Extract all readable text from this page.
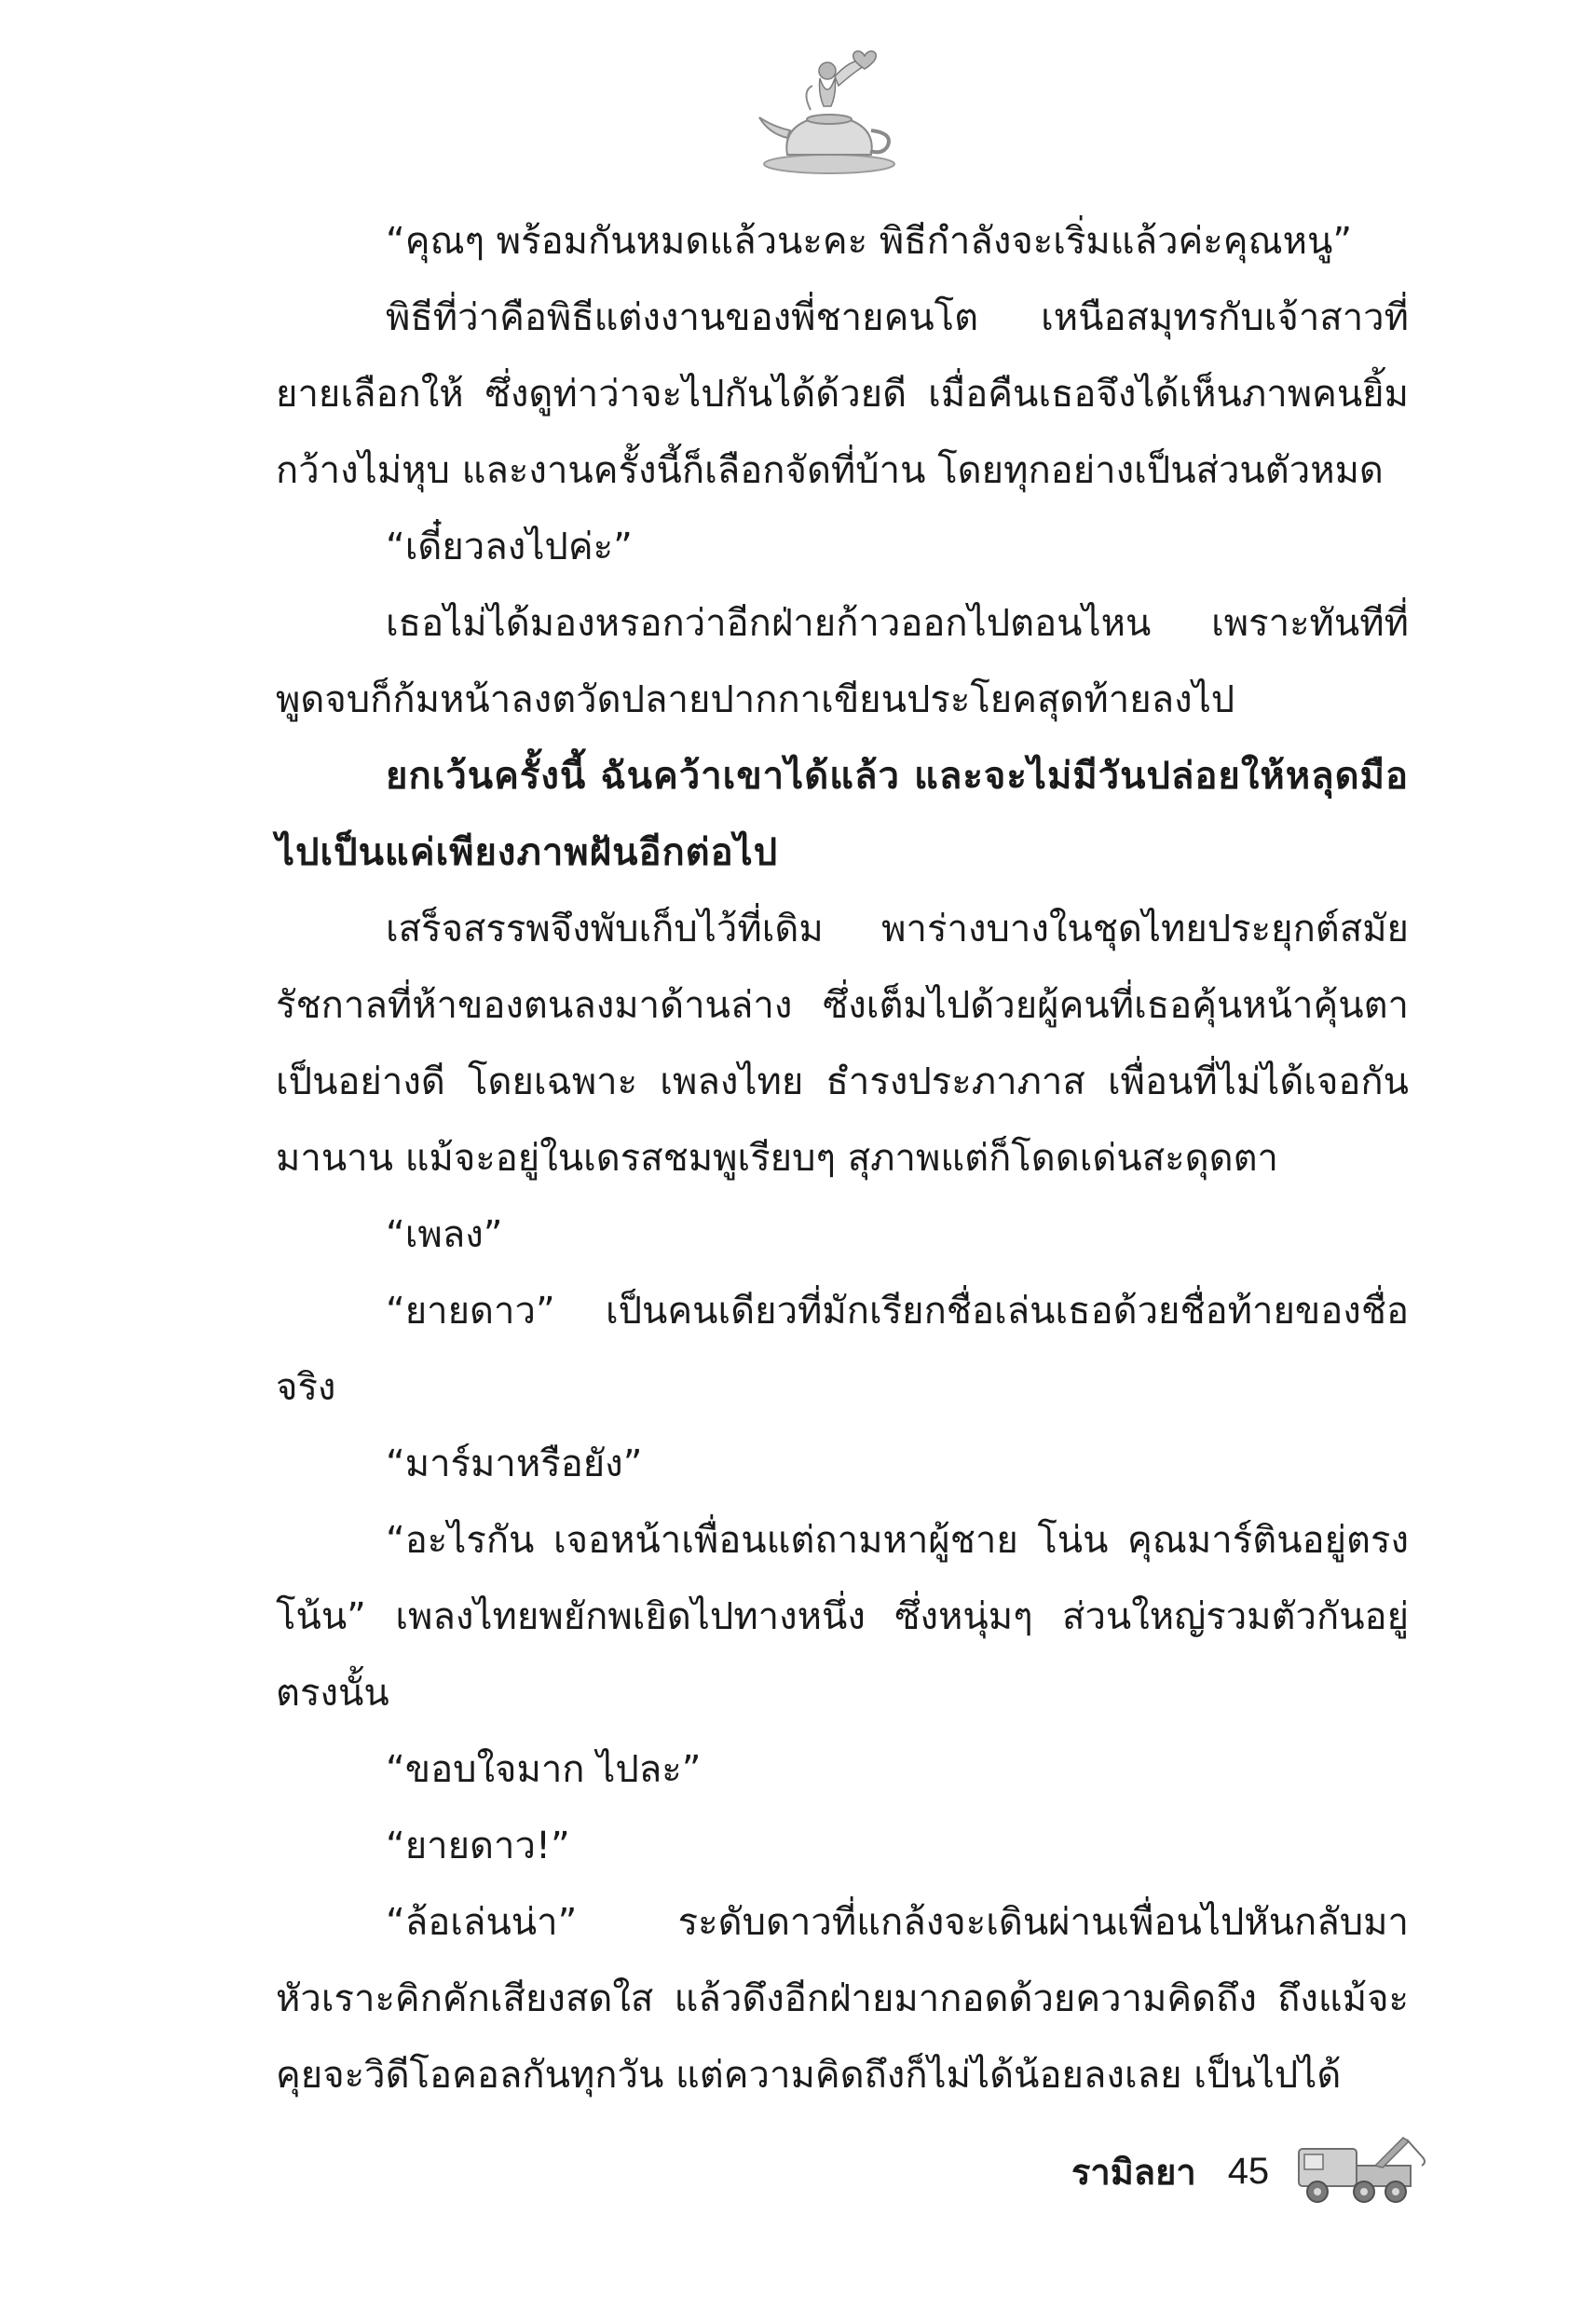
“คุณๆ พร้อมกันหมดแล้วนะคะ พิธีกำลังจะเริ่มแล้วค่ะคุณหนู”

พิธีที่ว่าคือพิธีแต่งงานของพี่ชายคนโต เหนือสมุทรกับเจ้าสาวที่ยายเลือกให้ ซึ่งดูท่าว่าจะไปกันได้ด้วยดี เมื่อคืนเธอจึงได้เห็นภาพคนยิ้มกว้างไม่หุบ และงานครั้งนี้ก็เลือกจัดที่บ้าน โดยทุกอย่างเป็นส่วนตัวหมด

“เดี๋ยวลงไปค่ะ”

เธอไม่ได้มองหรอกว่าอีกฝ่ายก้าวออกไปตอนไหน เพราะทันทีที่พูดจบก็ก้มหน้าลงตวัดปลายปากกาเขียนประโยคสุดท้ายลงไป

ยกเว้นครั้งนี้ ฉันคว้าเขาได้แล้ว และจะไม่มีวันปล่อยให้หลุดมือไปเป็นแค่เพียงภาพฝันอีกต่อไป

เสร็จสรรพจึงพับเก็บไว้ที่เดิม พาร่างบางในชุดไทยประยุกต์สมัยรัชกาลที่ห้าของตนลงมาด้านล่าง ซึ่งเต็มไปด้วยผู้คนที่เธอคุ้นหน้าคุ้นตาเป็นอย่างดี โดยเฉพาะ เพลงไทย ธำรงประภาภาส เพื่อนที่ไม่ได้เจอกันมานาน แม้จะอยู่ในเดรสชมพูเรียบๆ สุภาพแต่ก็โดดเด่นสะดุดตา

“เพลง”

“ยายดาว” เป็นคนเดียวที่มักเรียกชื่อเล่นเธอด้วยชื่อท้ายของชื่อจริง

“มาร์มาหรือยัง”

“อะไรกัน เจอหน้าเพื่อนแต่ถามหาผู้ชาย โน่น คุณมาร์ตินอยู่ตรงโน้น” เพลงไทยพยักพเยิดไปทางหนึ่ง ซึ่งหนุ่มๆ ส่วนใหญ่รวมตัวกันอยู่ตรงนั้น

“ขอบใจมาก ไปละ”

“ยายดาว!”

“ล้อเล่นน่า” ระดับดาวที่แกล้งจะเดินผ่านเพื่อนไปหันกลับมาหัวเราะคิกคักเสียงสดใส แล้วดึงอีกฝ่ายมากอดด้วยความคิดถึง ถึงแม้จะคุยจะวิดีโอคอลกันทุกวัน แต่ความคิดถึงก็ไม่ได้น้อยลงเลย เป็นไปได้

รามิลยา 45
